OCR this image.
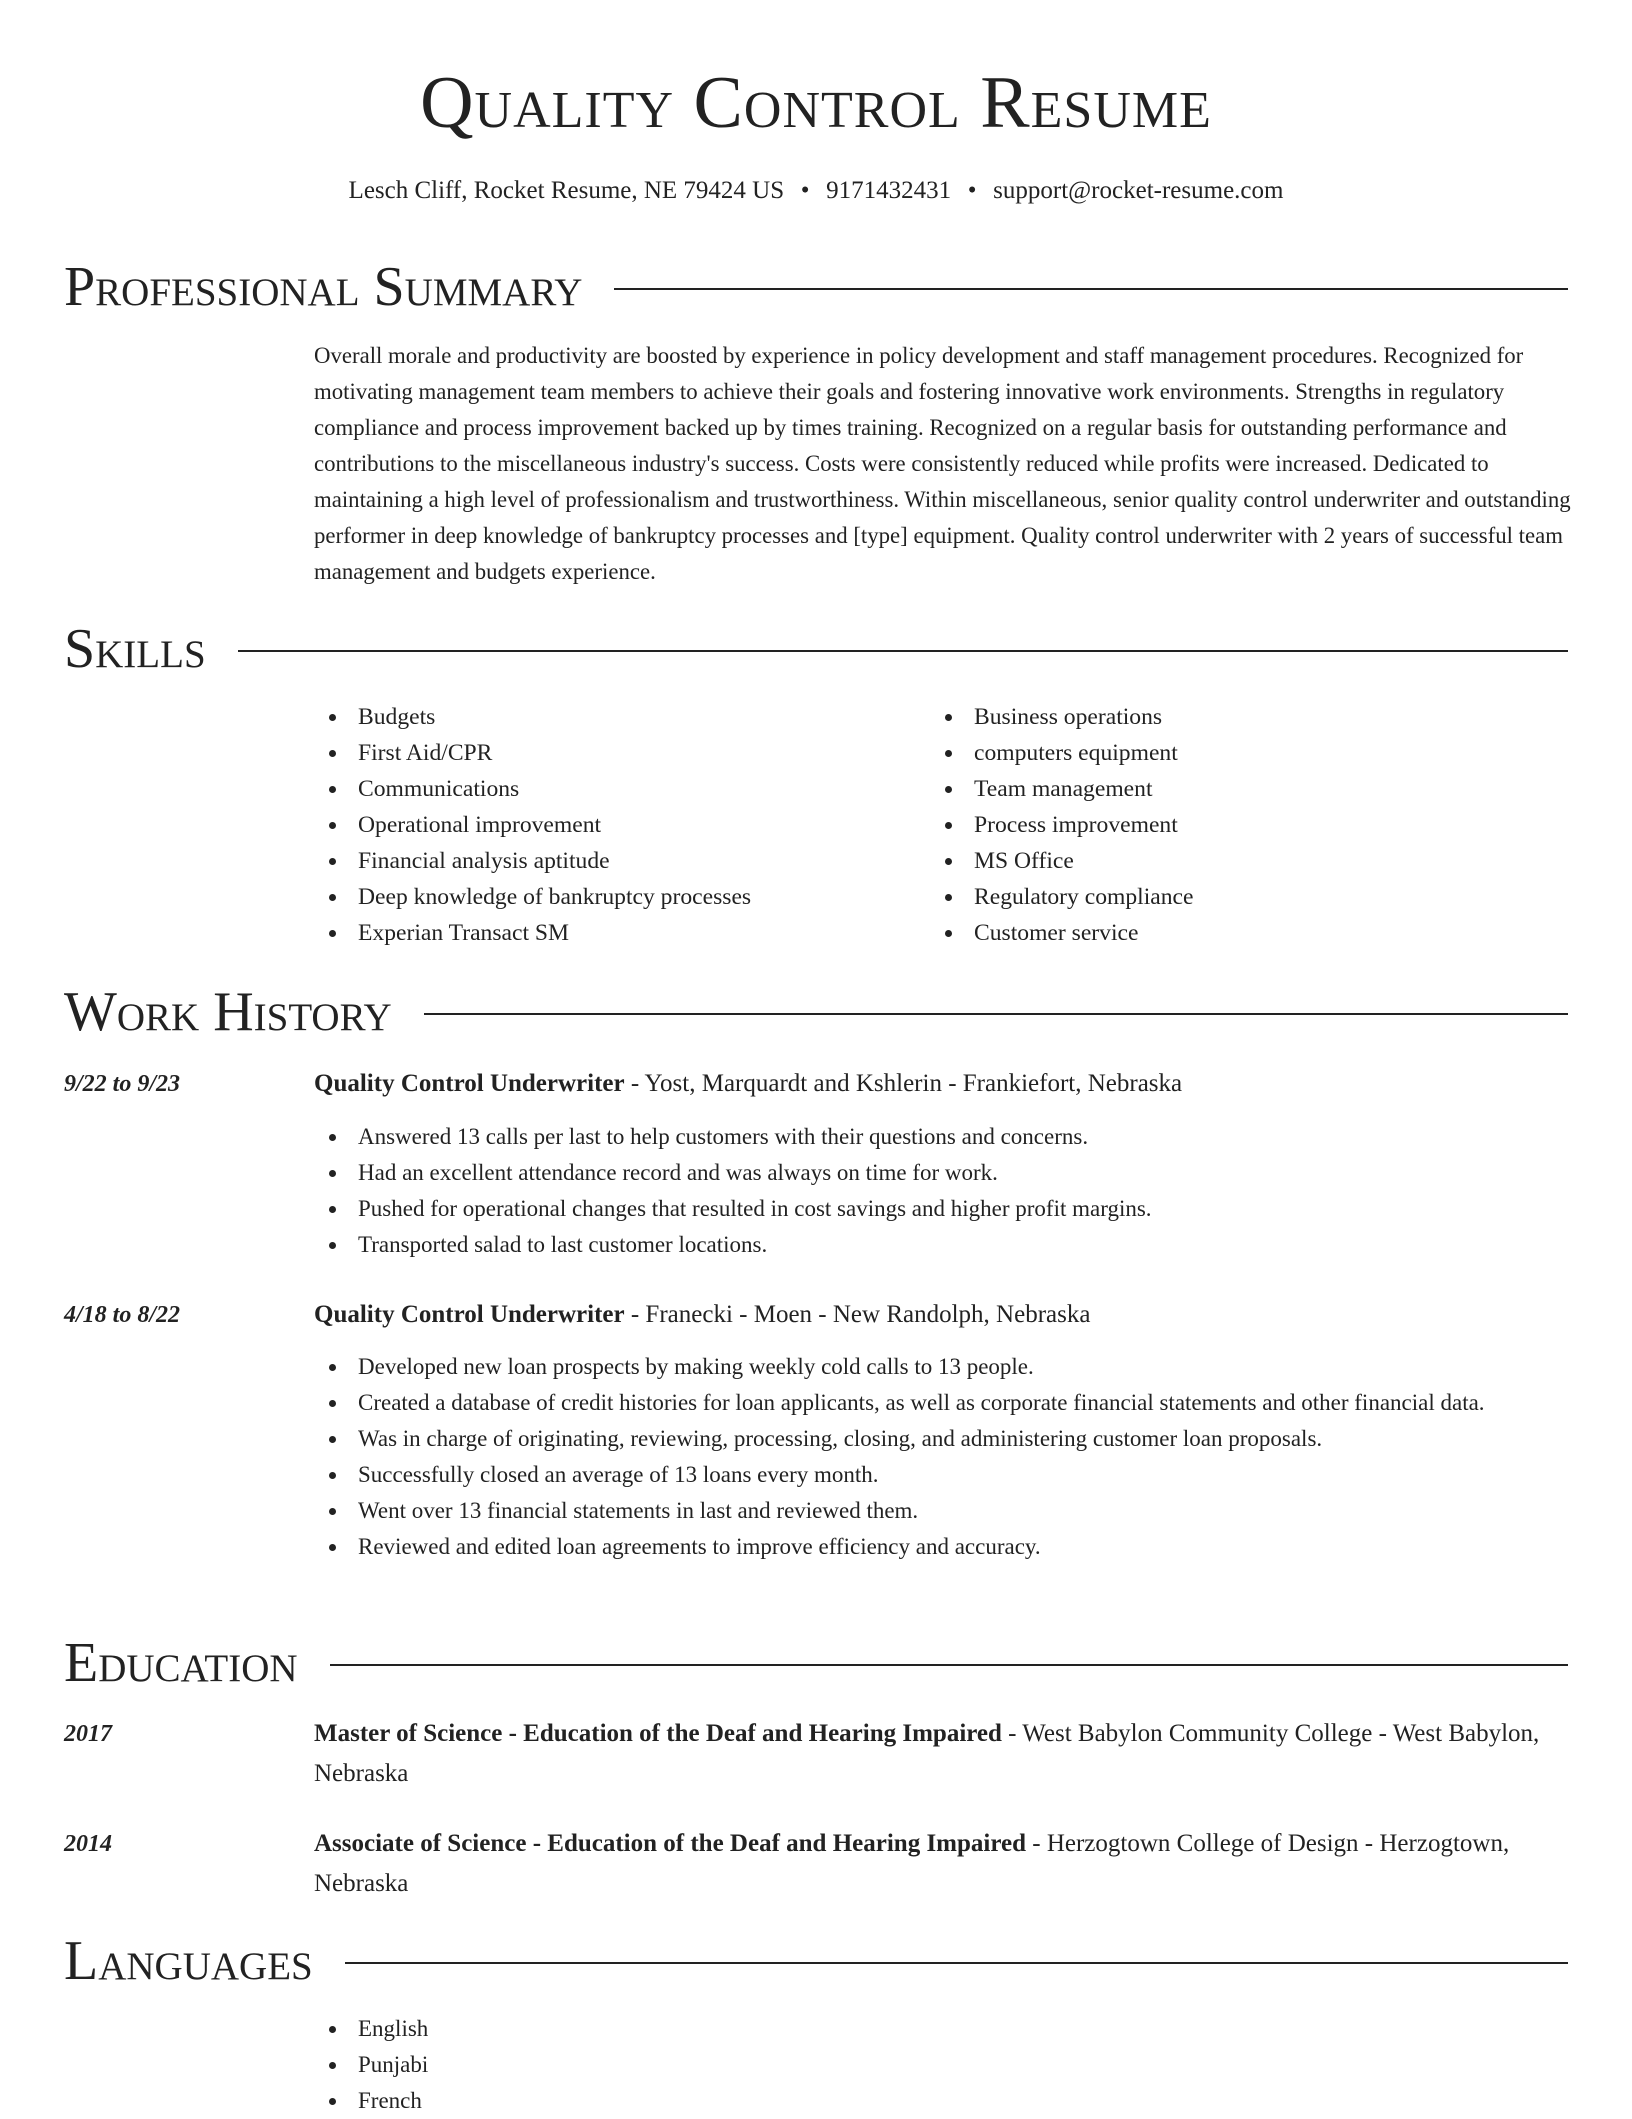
Quality Control Resume
Lesch Cliff, Rocket Resume, NE 79424 US • 9171432431 • support@rocket-resume.com
Professional Summary

Overall morale and productivity are boosted by experience in policy development and staff management procedures. Recognized for motivating management team members to achieve their goals and fostering innovative work environments. Strengths in regulatory compliance and process improvement backed up by times training. Recognized on a regular basis for outstanding performance and contributions to the miscellaneous industry's success. Costs were consistently reduced while profits were increased. Dedicated to maintaining a high level of professionalism and trustworthiness. Within miscellaneous, senior quality control underwriter and outstanding performer in deep knowledge of bankruptcy processes and [type] equipment. Quality control underwriter with 2 years of successful team management and budgets experience.

Skills
Budgets
First Aid/CPR
Communications
Operational improvement
Financial analysis aptitude
Deep knowledge of bankruptcy processes
Experian Transact SM
Business operations
computers equipment
Team management
Process improvement
MS Office
Regulatory compliance
Customer service
Work History
9/22 to 9/23	Quality Control Underwriter - Yost, Marquardt and Kshlerin - Frankiefort, Nebraska
Answered 13 calls per last to help customers with their questions and concerns.
Had an excellent attendance record and was always on time for work.
Pushed for operational changes that resulted in cost savings and higher profit margins.
Transported salad to last customer locations.
4/18 to 8/22	Quality Control Underwriter - Franecki - Moen - New Randolph, Nebraska
Developed new loan prospects by making weekly cold calls to 13 people.
Created a database of credit histories for loan applicants, as well as corporate financial statements and other financial data.
Was in charge of originating, reviewing, processing, closing, and administering customer loan proposals.
Successfully closed an average of 13 loans every month.
Went over 13 financial statements in last and reviewed them.
Reviewed and edited loan agreements to improve efficiency and accuracy.
Education
2017	Master of Science - Education of the Deaf and Hearing Impaired - West Babylon Community College - West Babylon, Nebraska
2014	Associate of Science - Education of the Deaf and Hearing Impaired - Herzogtown College of Design - Herzogtown, Nebraska
Languages
English
Punjabi
French
